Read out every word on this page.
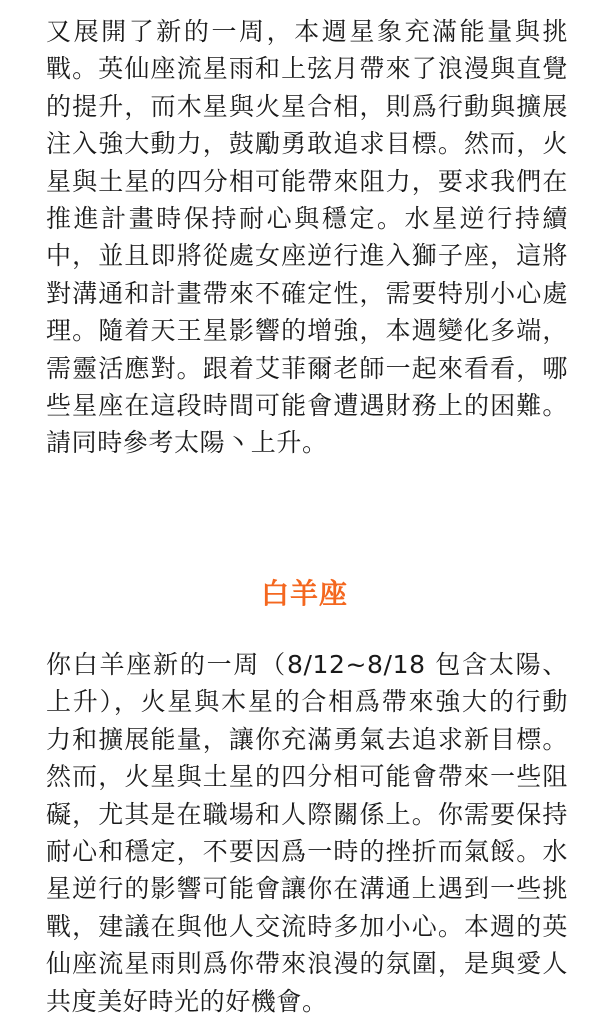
又展開了新的一周，本週星象充滿能量與挑戰。英仙座流星雨和上弦月帶來了浪漫與直覺的提升，而木星與火星合相，則爲行動與擴展注入強大動力，鼓勵勇敢追求目標。然而，火星與土星的四分相可能帶來阻力，要求我們在推進計畫時保持耐心與穩定。水星逆行持續中，並且即將從處女座逆行進入獅子座，這將對溝通和計畫帶來不確定性，需要特別小心處理。隨着天王星影響的增強，本週變化多端，需靈活應對。跟着艾菲爾老師一起來看看，哪些星座在這段時間可能會遭遇財務上的困難。請同時參考太陽丶上升。

白羊座

你白羊座新的一周（8/12~8/18 包含太陽、上升），火星與木星的合相爲帶來強大的行動力和擴展能量，讓你充滿勇氣去追求新目標。然而，火星與土星的四分相可能會帶來一些阻礙，尤其是在職場和人際關係上。你需要保持耐心和穩定，不要因爲一時的挫折而氣餒。水星逆行的影響可能會讓你在溝通上遇到一些挑戰，建議在與他人交流時多加小心。本週的英仙座流星雨則爲你帶來浪漫的氛圍，是與愛人共度美好時光的好機會。
